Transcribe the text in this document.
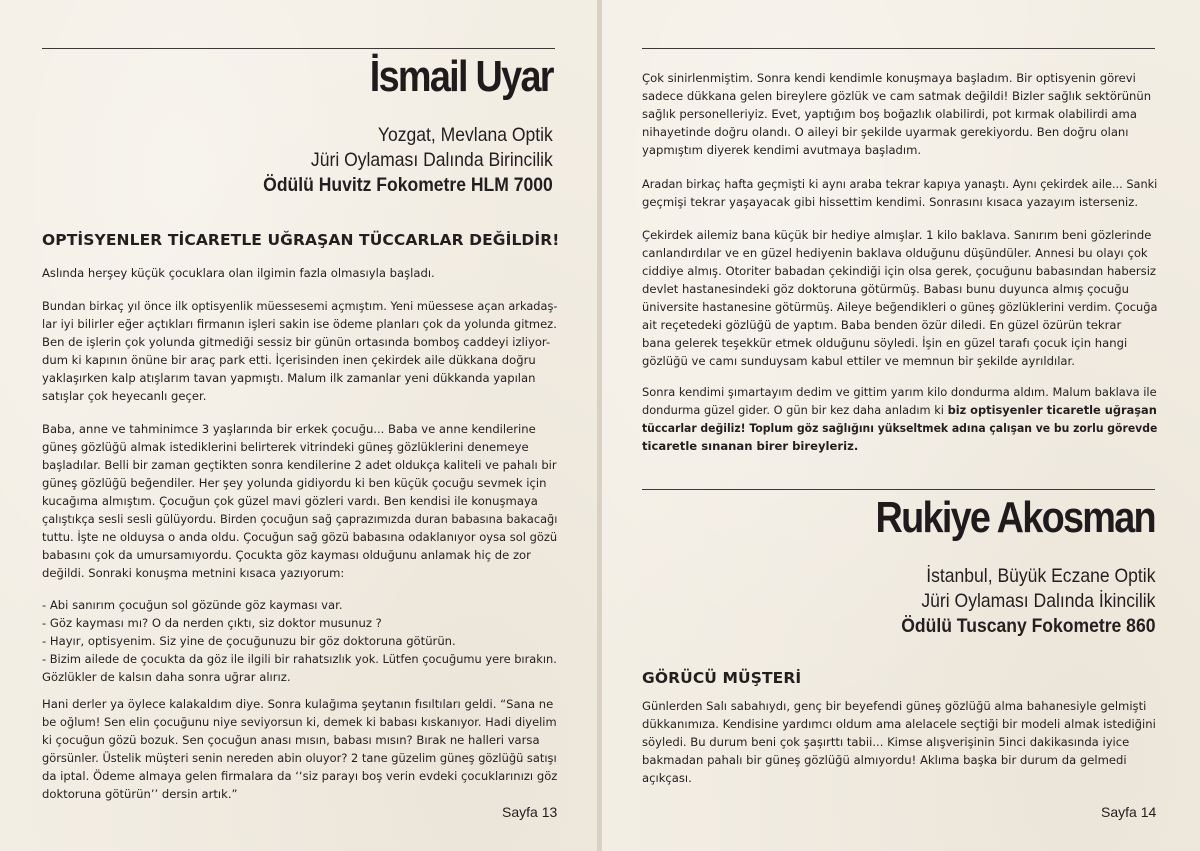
İsmail Uyar
Yozgat, Mevlana Optik
Jüri Oylaması Dalında Birincilik
Ödülü Huvitz Fokometre HLM 7000
OPTİSYENLER TİCARETLE UĞRAŞAN TÜCCARLAR DEĞİLDİR!
Aslında herşey küçük çocuklara olan ilgimin fazla olmasıyla başladı.
Bundan birkaç yıl önce ilk optisyenlik müessesemi açmıştım. Yeni müessese açan arkadaş-
lar iyi bilirler eğer açtıkları firmanın işleri sakin ise ödeme planları çok da yolunda gitmez.
Ben de işlerin çok yolunda gitmediği sessiz bir günün ortasında bomboş caddeyi izliyor-
dum ki kapının önüne bir araç park etti. İçerisinden inen çekirdek aile dükkana doğru
yaklaşırken kalp atışlarım tavan yapmıştı. Malum ilk zamanlar yeni dükkanda yapılan
satışlar çok heyecanlı geçer.
Baba, anne ve tahminimce 3 yaşlarında bir erkek çocuğu... Baba ve anne kendilerine
güneş gözlüğü almak istediklerini belirterek vitrindeki güneş gözlüklerini denemeye
başladılar. Belli bir zaman geçtikten sonra kendilerine 2 adet oldukça kaliteli ve pahalı bir
güneş gözlüğü beğendiler. Her şey yolunda gidiyordu ki ben küçük çocuğu sevmek için
kucağıma almıştım. Çocuğun çok güzel mavi gözleri vardı. Ben kendisi ile konuşmaya
çalıştıkça sesli sesli gülüyordu. Birden çocuğun sağ çaprazımızda duran babasına bakacağı
tuttu. İşte ne olduysa o anda oldu. Çocuğun sağ gözü babasına odaklanıyor oysa sol gözü
babasını çok da umursamıyordu. Çocukta göz kayması olduğunu anlamak hiç de zor
değildi. Sonraki konuşma metnini kısaca yazıyorum:
- Abi sanırım çocuğun sol gözünde göz kayması var.
- Göz kayması mı? O da nerden çıktı, siz doktor musunuz ?
- Hayır, optisyenim. Siz yine de çocuğunuzu bir göz doktoruna götürün.
- Bizim ailede de çocukta da göz ile ilgili bir rahatsızlık yok. Lütfen çocuğumu yere bırakın.
Gözlükler de kalsın daha sonra uğrar alırız.
Hani derler ya öylece kalakaldım diye. Sonra kulağıma şeytanın fısıltıları geldi. “Sana ne
be oğlum! Sen elin çocuğunu niye seviyorsun ki, demek ki babası kıskanıyor. Hadi diyelim
ki çocuğun gözü bozuk. Sen çocuğun anası mısın, babası mısın? Bırak ne halleri varsa
görsünler. Üstelik müşteri senin nereden abin oluyor? 2 tane güzelim güneş gözlüğü satışı
da iptal. Ödeme almaya gelen firmalara da ‘‘siz parayı boş verin evdeki çocuklarınızı göz
doktoruna götürün’’ dersin artık.”
Sayfa 13
Çok sinirlenmiştim. Sonra kendi kendimle konuşmaya başladım. Bir optisyenin görevi
sadece dükkana gelen bireylere gözlük ve cam satmak değildi! Bizler sağlık sektörünün
sağlık personelleriyiz. Evet, yaptığım boş boğazlık olabilirdi, pot kırmak olabilirdi ama
nihayetinde doğru olandı. O aileyi bir şekilde uyarmak gerekiyordu. Ben doğru olanı
yapmıştım diyerek kendimi avutmaya başladım.
Aradan birkaç hafta geçmişti ki aynı araba tekrar kapıya yanaştı. Aynı çekirdek aile... Sanki
geçmişi tekrar yaşayacak gibi hissettim kendimi. Sonrasını kısaca yazayım isterseniz.
Çekirdek ailemiz bana küçük bir hediye almışlar. 1 kilo baklava. Sanırım beni gözlerinde
canlandırdılar ve en güzel hediyenin baklava olduğunu düşündüler. Annesi bu olayı çok
ciddiye almış. Otoriter babadan çekindiği için olsa gerek, çocuğunu babasından habersiz
devlet hastanesindeki göz doktoruna götürmüş. Babası bunu duyunca almış çocuğu
üniversite hastanesine götürmüş. Aileye beğendikleri o güneş gözlüklerini verdim. Çocuğa
ait reçetedeki gözlüğü de yaptım. Baba benden özür diledi. En güzel özürün tekrar
bana gelerek teşekkür etmek olduğunu söyledi. İşin en güzel tarafı çocuk için hangi
gözlüğü ve camı sunduysam kabul ettiler ve memnun bir şekilde ayrıldılar.
Sonra kendimi şımartayım dedim ve gittim yarım kilo dondurma aldım. Malum baklava ile
dondurma güzel gider. O gün bir kez daha anladım ki biz optisyenler ticaretle uğraşan
tüccarlar değiliz! Toplum göz sağlığını yükseltmek adına çalışan ve bu zorlu görevde
ticaretle sınanan birer bireyleriz.
Rukiye Akosman
İstanbul, Büyük Eczane Optik
Jüri Oylaması Dalında İkincilik
Ödülü Tuscany Fokometre 860
GÖRÜCÜ MÜŞTERİ
Günlerden Salı sabahıydı, genç bir beyefendi güneş gözlüğü alma bahanesiyle gelmişti
dükkanımıza. Kendisine yardımcı oldum ama alelacele seçtiği bir modeli almak istediğini
söyledi. Bu durum beni çok şaşırttı tabii... Kimse alışverişinin 5inci dakikasında iyice
bakmadan pahalı bir güneş gözlüğü almıyordu! Aklıma başka bir durum da gelmedi
açıkçası.
Sayfa 14
